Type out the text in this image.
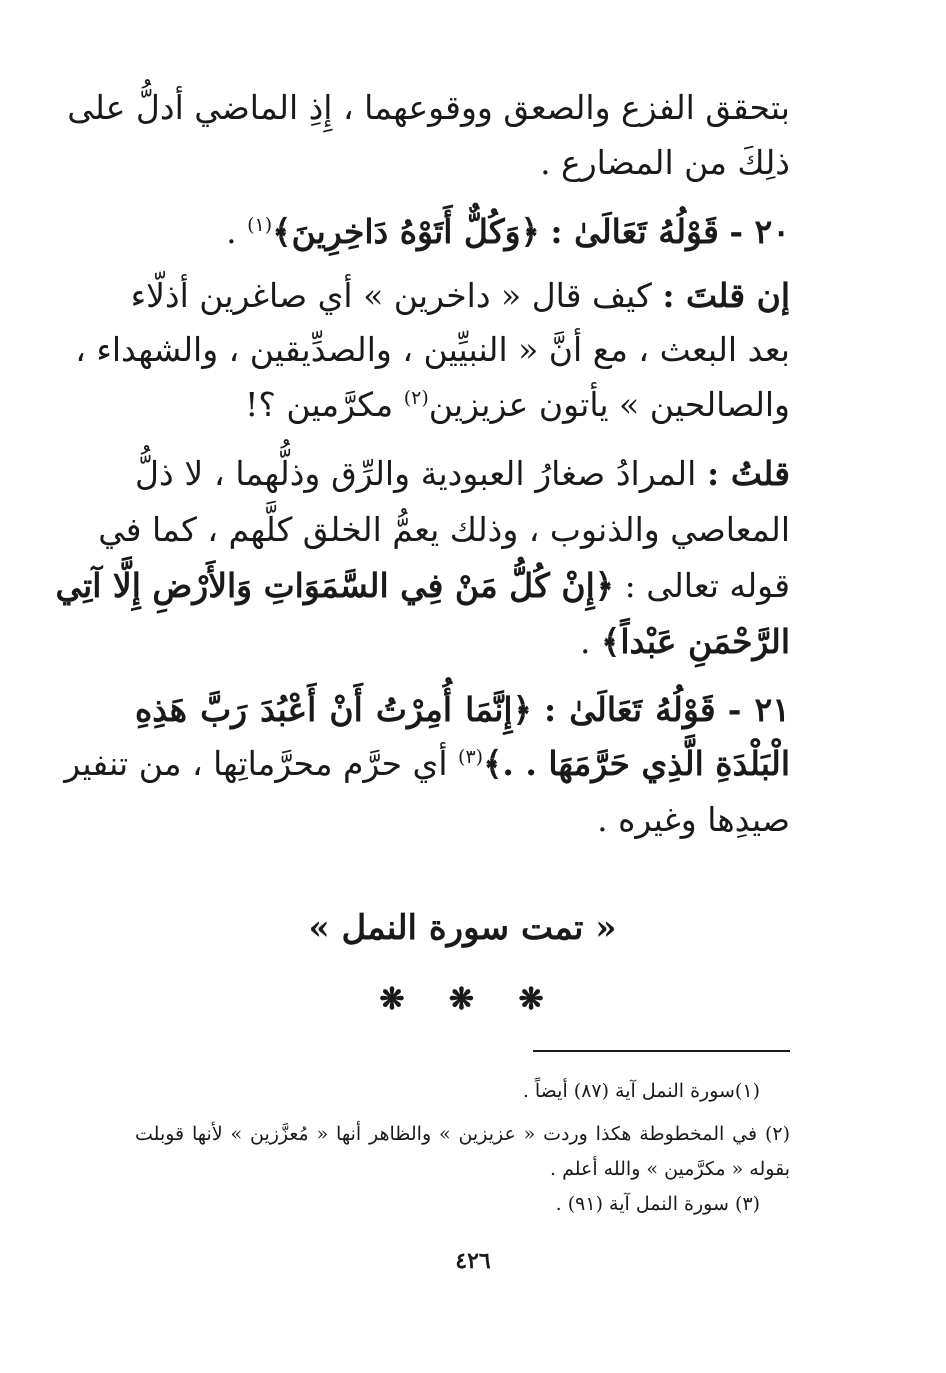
بتحقق الفزع والصعق ووقوعهما ، إِذِ الماضي أدلُّ على
ذلِكَ من المضارع .
٢٠ - قَوْلُهُ تَعَالَىٰ : ﴿وَكُلٌّ أَتَوْهُ دَاخِرِينَ﴾$^{(١)}$ .
إن قلتَ : كيف قال « داخرين » أي صاغرين أذلّاء
بعد البعث ، مع أنَّ « النبيِّين ، والصدِّيقين ، والشهداء ،
والصالحين » يأتون عزيزين$^{(٢)}$ مكرَّمين ؟!
قلتُ : المرادُ صغارُ العبودية والرِّق وذلُّهما ، لا ذلُّ
المعاصي والذنوب ، وذلك يعمُّ الخلق كلَّهم ، كما في
قوله تعالى : ﴿إِنْ كُلُّ مَنْ فِي السَّمَوَاتِ وَالأَرْضِ إِلَّا آتِي
الرَّحْمَنِ عَبْداً﴾ .
٢١ - قَوْلُهُ تَعَالَىٰ : ﴿إِنَّمَا أُمِرْتُ أَنْ أَعْبُدَ رَبَّ هَذِهِ
الْبَلْدَةِ الَّذِي حَرَّمَهَا . .﴾$^{(٣)}$ أي حرَّم محرَّماتِها ، من تنفير
صيدِها وغيره .
« تمت سورة النمل »
❋ ❋ ❋
(١)سورة النمل آية (٨٧) أيضاً .
(٢) في المخطوطة هكذا وردت « عزيزين » والظاهر أنها « مُعزَّزين » لأنها قوبلت
بقوله « مكرَّمين » والله أعلم .
(٣) سورة النمل آية (٩١) .
٤٢٦
